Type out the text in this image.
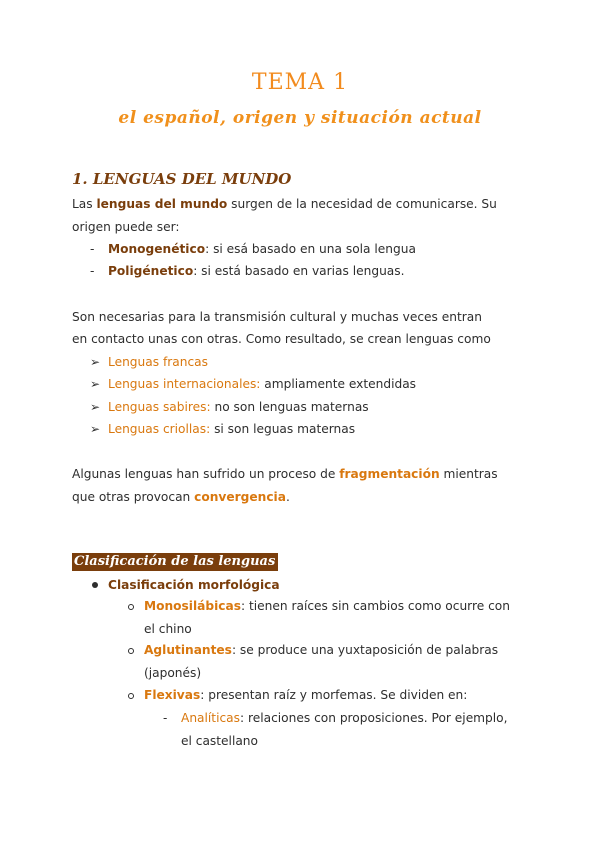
TEMA 1
el español, origen y situación actual
1. LENGUAS DEL MUNDO
Las lenguas del mundo surgen de la necesidad de comunicarse. Su
origen puede ser:
- Monogenético: si esá basado en una sola lengua
- Poligénetico: si está basado en varias lenguas.
Son necesarias para la transmisión cultural y muchas veces entran
en contacto unas con otras. Como resultado, se crean lenguas como
➢ Lenguas francas
➢ Lenguas internacionales: ampliamente extendidas
➢ Lenguas sabires: no son lenguas maternas
➢ Lenguas criollas: si son leguas maternas
Algunas lenguas han sufrido un proceso de fragmentación mientras
que otras provocan convergencia.
Clasificación de las lenguas
Clasificación morfológica
Monosilábicas: tienen raíces sin cambios como ocurre con
el chino
Aglutinantes: se produce una yuxtaposición de palabras
(japonés)
Flexivas: presentan raíz y morfemas. Se dividen en:
- Analíticas: relaciones con proposiciones. Por ejemplo,
el castellano
